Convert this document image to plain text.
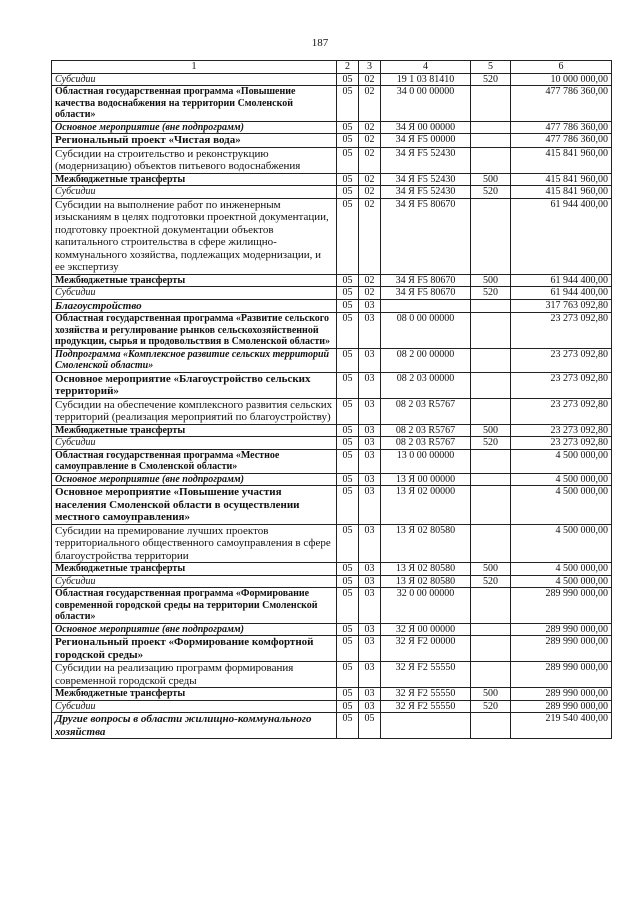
187
1	2	3	4	5	6
Субсидии	05	02	19 1 03 81410	520	10 000 000,00
Областная государственная программа «Повышение качества водоснабжения на территории Смоленской области»	05	02	34 0 00 00000		477 786 360,00
Основное мероприятие (вне подпрограмм)	05	02	34 Я 00 00000		477 786 360,00
Региональный проект «Чистая вода»	05	02	34 Я F5 00000		477 786 360,00
Субсидии на строительство и реконструкцию (модернизацию) объектов питьевого водоснабжения	05	02	34 Я F5 52430		415 841 960,00
Межбюджетные трансферты	05	02	34 Я F5 52430	500	415 841 960,00
Субсидии	05	02	34 Я F5 52430	520	415 841 960,00
Субсидии на выполнение работ по инженерным изысканиям в целях подготовки проектной документации, подготовку проектной документации объектов капитального строительства в сфере жилищно-коммунального хозяйства, подлежащих модернизации, и ее экспертизу	05	02	34 Я F5 80670		61 944 400,00
Межбюджетные трансферты	05	02	34 Я F5 80670	500	61 944 400,00
Субсидии	05	02	34 Я F5 80670	520	61 944 400,00
Благоустройство	05	03			317 763 092,80
Областная государственная программа «Развитие сельского хозяйства и регулирование рынков сельскохозяйственной продукции, сырья и продовольствия в Смоленской области»	05	03	08 0 00 00000		23 273 092,80
Подпрограмма «Комплексное развитие сельских территорий Смоленской области»	05	03	08 2 00 00000		23 273 092,80
Основное мероприятие «Благоустройство сельских территорий»	05	03	08 2 03 00000		23 273 092,80
Субсидии на обеспечение комплексного развития сельских территорий (реализация мероприятий по благоустройству)	05	03	08 2 03 R5767		23 273 092,80
Межбюджетные трансферты	05	03	08 2 03 R5767	500	23 273 092,80
Субсидии	05	03	08 2 03 R5767	520	23 273 092,80
Областная государственная программа «Местное самоуправление в Смоленской области»	05	03	13 0 00 00000		4 500 000,00
Основное мероприятие (вне подпрограмм)	05	03	13 Я 00 00000		4 500 000,00
Основное мероприятие «Повышение участия населения Смоленской области в осуществлении местного самоуправления»	05	03	13 Я 02 00000		4 500 000,00
Субсидии на премирование лучших проектов территориального общественного самоуправления в сфере благоустройства территории	05	03	13 Я 02 80580		4 500 000,00
Межбюджетные трансферты	05	03	13 Я 02 80580	500	4 500 000,00
Субсидии	05	03	13 Я 02 80580	520	4 500 000,00
Областная государственная программа «Формирование современной городской среды на территории Смоленской области»	05	03	32 0 00 00000		289 990 000,00
Основное мероприятие (вне подпрограмм)	05	03	32 Я 00 00000		289 990 000,00
Региональный проект «Формирование комфортной городской среды»	05	03	32 Я F2 00000		289 990 000,00
Субсидии на реализацию программ формирования современной городской среды	05	03	32 Я F2 55550		289 990 000,00
Межбюджетные трансферты	05	03	32 Я F2 55550	500	289 990 000,00
Субсидии	05	03	32 Я F2 55550	520	289 990 000,00
Другие вопросы в области жилищно-коммунального хозяйства	05	05			219 540 400,00
